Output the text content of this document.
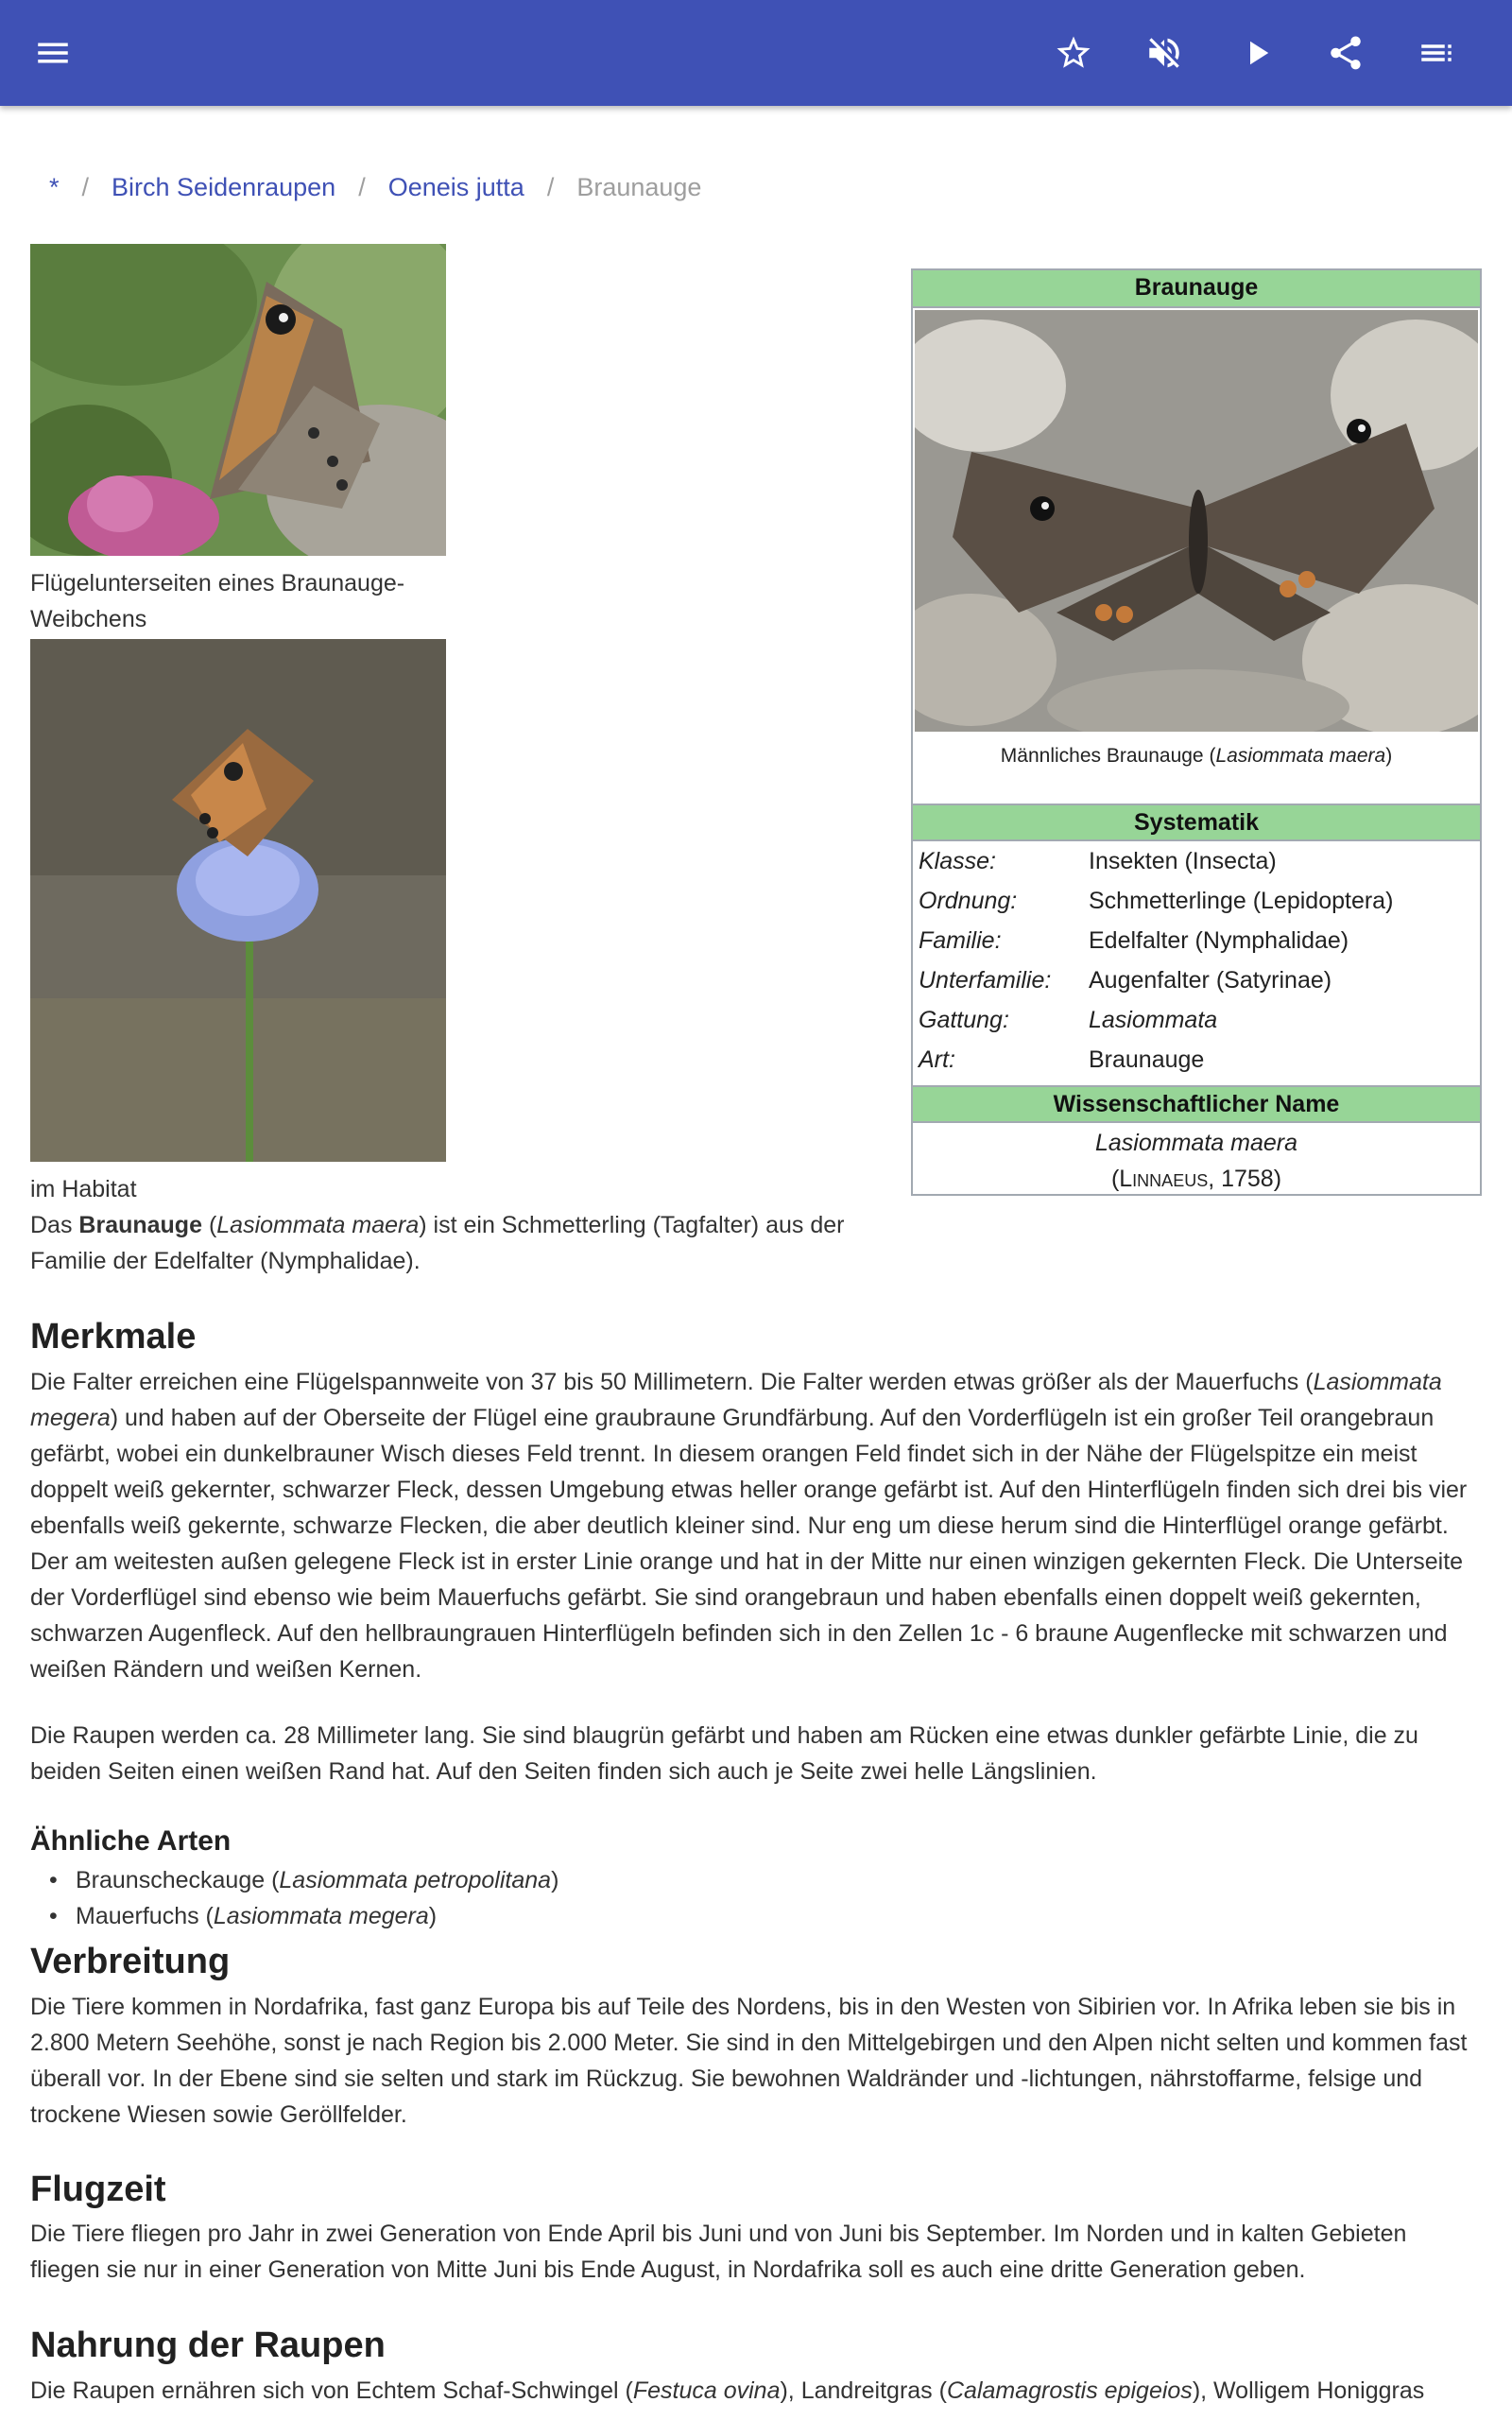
* / Birch Seidenraupen / Oeneis jutta / Braunauge
Flügelunterseiten eines Braunauge-Weibchens
im Habitat
Das Braunauge (Lasiommata maera) ist ein Schmetterling (Tagfalter) aus der Familie der Edelfalter (Nymphalidae).
Braunauge
Männliches Braunauge (Lasiommata maera)
Systematik
Klasse:	Insekten (Insecta)
Ordnung:	Schmetterlinge (Lepidoptera)
Familie:	Edelfalter (Nymphalidae)
Unterfamilie: Augenfalter (Satyrinae)
Gattung:	Lasiommata
Art:	Braunauge
Wissenschaftlicher Name
Lasiommata maera
(Linnaeus, 1758)
Merkmale
Die Falter erreichen eine Flügelspannweite von 37 bis 50 Millimetern. Die Falter werden etwas größer als der Mauerfuchs (Lasiommata megera) und haben auf der Oberseite der Flügel eine graubraune Grundfärbung. Auf den Vorderflügeln ist ein großer Teil orangebraun gefärbt, wobei ein dunkelbrauner Wisch dieses Feld trennt. In diesem orangen Feld findet sich in der Nähe der Flügelspitze ein meist doppelt weiß gekernter, schwarzer Fleck, dessen Umgebung etwas heller orange gefärbt ist. Auf den Hinterflügeln finden sich drei bis vier ebenfalls weiß gekernte, schwarze Flecken, die aber deutlich kleiner sind. Nur eng um diese herum sind die Hinterflügel orange gefärbt. Der am weitesten außen gelegene Fleck ist in erster Linie orange und hat in der Mitte nur einen winzigen gekernten Fleck. Die Unterseite der Vorderflügel sind ebenso wie beim Mauerfuchs gefärbt. Sie sind orangebraun und haben ebenfalls einen doppelt weiß gekernten, schwarzen Augenfleck. Auf den hellbraungrauen Hinterflügeln befinden sich in den Zellen 1c - 6 braune Augenflecke mit schwarzen und weißen Rändern und weißen Kernen.
Die Raupen werden ca. 28 Millimeter lang. Sie sind blaugrün gefärbt und haben am Rücken eine etwas dunkler gefärbte Linie, die zu beiden Seiten einen weißen Rand hat. Auf den Seiten finden sich auch je Seite zwei helle Längslinien.
Ähnliche Arten
• Braunscheckauge (Lasiommata petropolitana)
• Mauerfuchs (Lasiommata megera)
Verbreitung
Die Tiere kommen in Nordafrika, fast ganz Europa bis auf Teile des Nordens, bis in den Westen von Sibirien vor. In Afrika leben sie bis in 2.800 Metern Seehöhe, sonst je nach Region bis 2.000 Meter. Sie sind in den Mittelgebirgen und den Alpen nicht selten und kommen fast überall vor. In der Ebene sind sie selten und stark im Rückzug. Sie bewohnen Waldränder und -lichtungen, nährstoffarme, felsige und trockene Wiesen sowie Geröllfelder.
Flugzeit
Die Tiere fliegen pro Jahr in zwei Generation von Ende April bis Juni und von Juni bis September. Im Norden und in kalten Gebieten fliegen sie nur in einer Generation von Mitte Juni bis Ende August, in Nordafrika soll es auch eine dritte Generation geben.
Nahrung der Raupen
Die Raupen ernähren sich von Echtem Schaf-Schwingel (Festuca ovina), Landreitgras (Calamagrostis epigeios), Wolligem Honiggras
